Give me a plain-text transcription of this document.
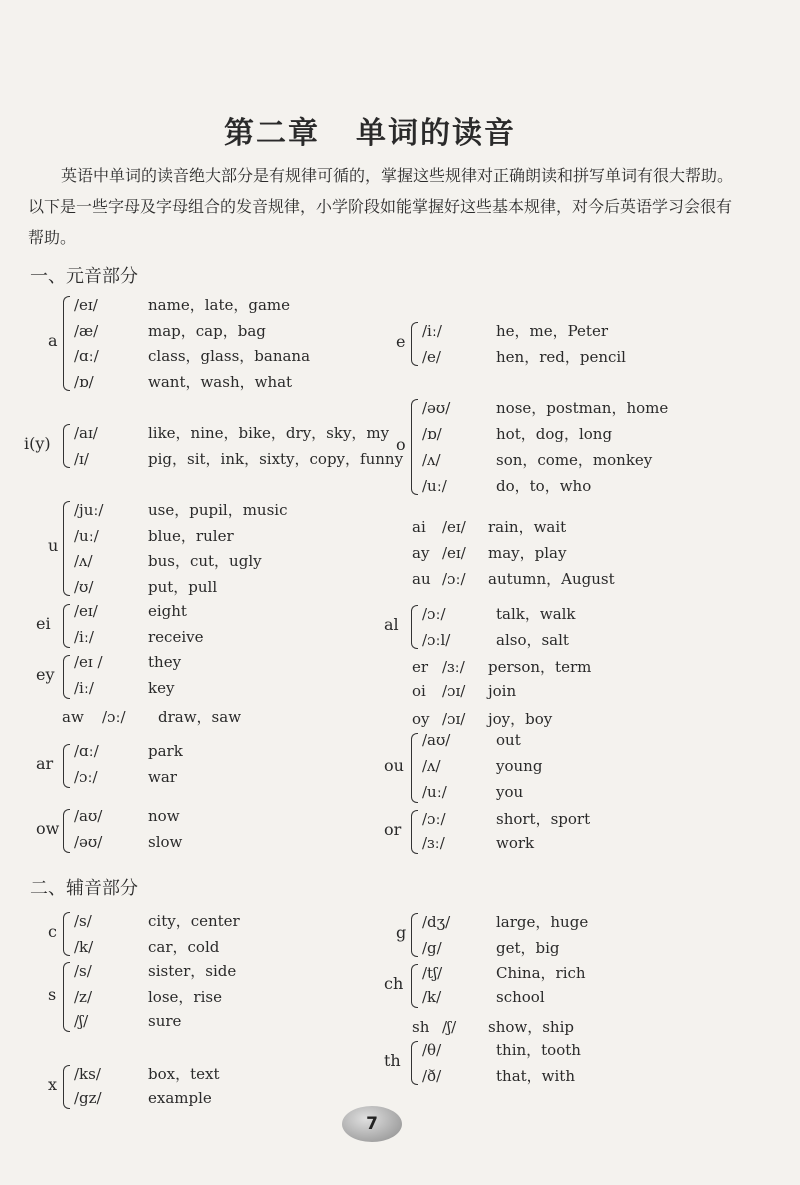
第二章 单词的读音
英语中单词的读音绝大部分是有规律可循的，掌握这些规律对正确朗读和拼写单词有很大帮助。以下是一些字母及字母组合的发音规律，小学阶段如能掌握好这些基本规律，对今后英语学习会很有帮助。
一、元音部分
二、辅音部分
a
/eɪ/	name，late，game
/æ/	map，cap，bag
/ɑː/	class，glass，banana
/ɒ/	want，wash，what
e
/iː/	he，me，Peter
/e/	hen，red，pencil
i(y)
/aɪ/	like，nine，bike，dry，sky，my
/ɪ/	pig，sit，ink，sixty，copy，funny
o
/əʊ/	nose，postman，home
/ɒ/	hot，dog，long
/ʌ/	son，come，monkey
/uː/	do，to，who
u
/juː/	use，pupil，music
/uː/	blue，ruler
/ʌ/	bus，cut，ugly
/ʊ/	put，pull
ei
/eɪ/	eight
/iː/	receive
ey
/eɪ /	they
/iː/	key
ar
/ɑː/	park
/ɔː/	war
ow
/aʊ/	now
/əʊ/	slow
al
/ɔː/	talk，walk
/ɔːl/	also，salt
ou
/aʊ/	out
/ʌ/	young
/uː/	you
or
/ɔː/	short，sport
/ɜː/	work
c
/s/	city，center
/k/	car，cold
s
/s/	sister，side
/z/	lose，rise
/ʃ/	sure
x
/ks/	box，text
/gz/	example
g
/dʒ/	large，huge
/g/	get，big
ch
/tʃ/	China，rich
/k/	school
th
/θ/	thin，tooth
/ð/	that，with
ai /eɪ/ rain，wait
ay /eɪ/ may，play
au /ɔː/ autumn，August
aw /ɔː/ draw，saw
er /ɜː/ person，term
oi /ɔɪ/ join
oy /ɔɪ/ joy，boy
sh /ʃ/ show，ship
7
